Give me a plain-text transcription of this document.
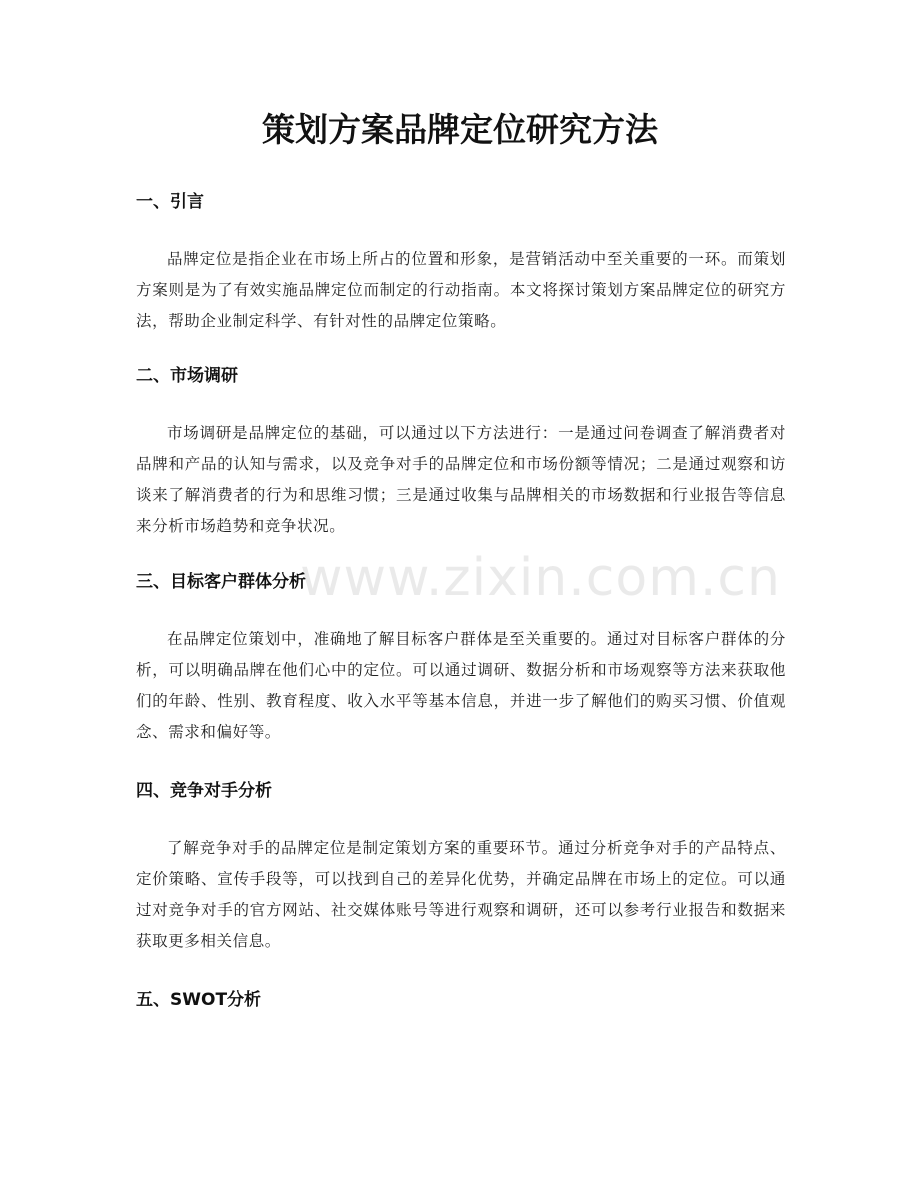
策划方案品牌定位研究方法
一、引言

品牌定位是指企业在市场上所占的位置和形象，是营销活动中至关重要的一环。而策划方案则是为了有效实施品牌定位而制定的行动指南。本文将探讨策划方案品牌定位的研究方法，帮助企业制定科学、有针对性的品牌定位策略。

二、市场调研

市场调研是品牌定位的基础，可以通过以下方法进行：一是通过问卷调查了解消费者对品牌和产品的认知与需求，以及竞争对手的品牌定位和市场份额等情况；二是通过观察和访谈来了解消费者的行为和思维习惯；三是通过收集与品牌相关的市场数据和行业报告等信息来分析市场趋势和竞争状况。

三、目标客户群体分析

在品牌定位策划中，准确地了解目标客户群体是至关重要的。通过对目标客户群体的分析，可以明确品牌在他们心中的定位。可以通过调研、数据分析和市场观察等方法来获取他们的年龄、性别、教育程度、收入水平等基本信息，并进一步了解他们的购买习惯、价值观念、需求和偏好等。

四、竞争对手分析

了解竞争对手的品牌定位是制定策划方案的重要环节。通过分析竞争对手的产品特点、定价策略、宣传手段等，可以找到自己的差异化优势，并确定品牌在市场上的定位。可以通过对竞争对手的官方网站、社交媒体账号等进行观察和调研，还可以参考行业报告和数据来获取更多相关信息。

五、SWOT分析
www.zixin.com.cn
